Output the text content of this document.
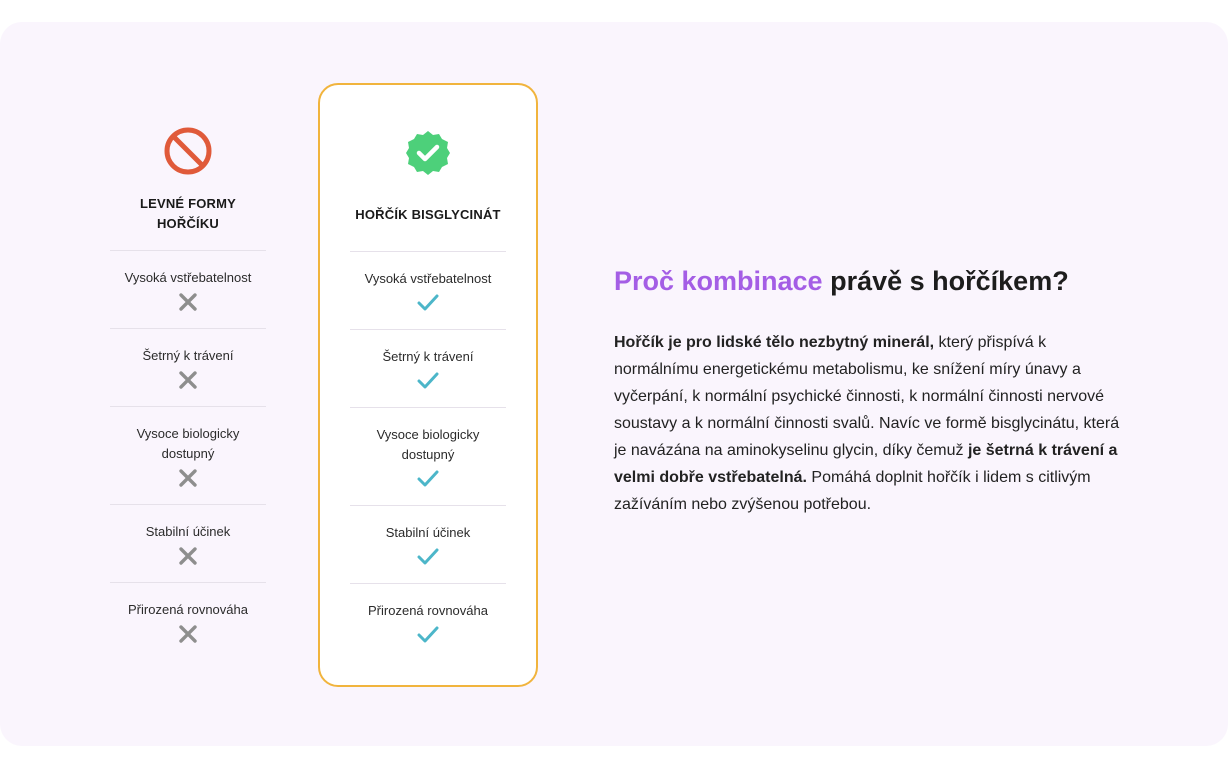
LEVNÉ FORMY
HOŘČÍKU
Vysoká vstřebatelnost
Šetrný k trávení
Vysoce biologicky
dostupný
Stabilní účinek
Přirozená rovnováha
HOŘČÍK BISGLYCINÁT
Vysoká vstřebatelnost
Šetrný k trávení
Vysoce biologicky
dostupný
Stabilní účinek
Přirozená rovnováha
Proč kombinace právě s hořčíkem?

Hořčík je pro lidské tělo nezbytný minerál, který přispívá k normálnímu energetickému metabolismu, ke snížení míry únavy a vyčerpání, k normální psychické činnosti, k normální činnosti nervové soustavy a k normální činnosti svalů. Navíc ve formě bisglycinátu, která je navázána na aminokyselinu glycin, díky čemuž je šetrná k trávení a velmi dobře vstřebatelná. Pomáhá doplnit hořčík i lidem s citlivým zažíváním nebo zvýšenou potřebou.
